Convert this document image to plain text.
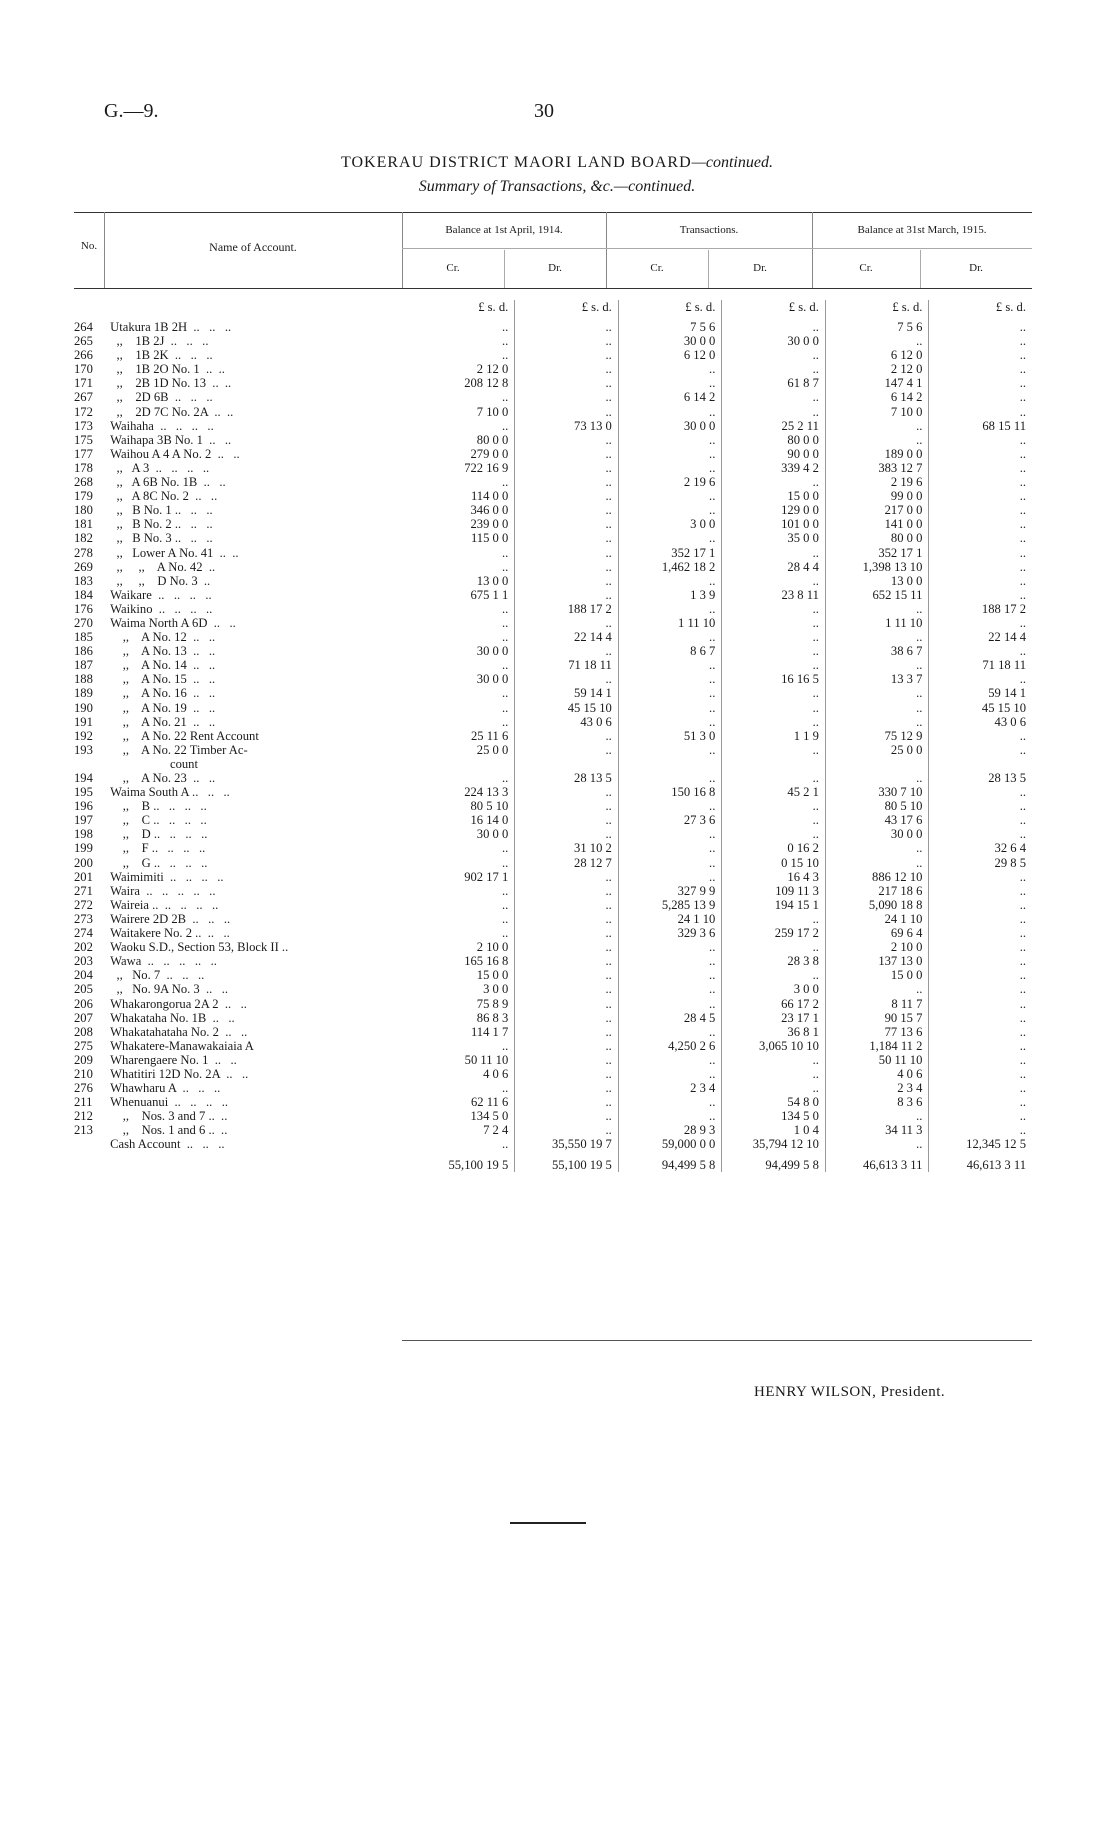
G.—9.	30
TOKERAU DISTRICT MAORI LAND BOARD—continued.
Summary of Transactions, &c.—continued.
No.	Name of Account.
Balance at 1st April, 1914.	Transactions.	Balance at 31st March, 1915.
Cr.	Dr.	Cr.	Dr.	Cr.	Dr.
		£ s. d.	£ s. d.	£ s. d.	£ s. d.	£ s. d.	£ s. d.
264	Utakura 1B 2H  ..   ..   ..	..	..	7 5 6	..	7 5 6	..
265	,,    1B 2J  ..   ..   ..	..	..	30 0 0	30 0 0	..	..
266	,,    1B 2K  ..   ..   ..	..	..	6 12 0	..	6 12 0	..
170	,,    1B 2O No. 1  ..  ..	2 12 0	..	..	..	2 12 0	..
171	,,    2B 1D No. 13  ..  ..	208 12 8	..	..	61 8 7	147 4 1	..
267	,,    2D 6B  ..   ..   ..	..	..	6 14 2	..	6 14 2	..
172	,,    2D 7C No. 2A  ..  ..	7 10 0	..	..	..	7 10 0	..
173	Waihaha  ..   ..   ..   ..	..	73 13 0	30 0 0	25 2 11	..	68 15 11
175	Waihapa 3B No. 1  ..   ..	80 0 0	..	..	80 0 0	..	..
177	Waihou A 4 A No. 2  ..   ..	279 0 0	..	..	90 0 0	189 0 0	..
178	,,   A 3  ..   ..   ..   ..	722 16 9	..	..	339 4 2	383 12 7	..
268	,,   A 6B No. 1B  ..   ..	..	..	2 19 6	..	2 19 6	..
179	,,   A 8C No. 2  ..   ..	114 0 0	..	..	15 0 0	99 0 0	..
180	,,   B No. 1 ..   ..   ..	346 0 0	..	..	129 0 0	217 0 0	..
181	,,   B No. 2 ..   ..   ..	239 0 0	..	3 0 0	101 0 0	141 0 0	..
182	,,   B No. 3 ..   ..   ..	115 0 0	..	..	35 0 0	80 0 0	..
278	,,   Lower A No. 41  ..  ..	..	..	352 17 1	..	352 17 1	..
269	,,     ,,    A No. 42  ..	..	..	1,462 18 2	28 4 4	1,398 13 10	..
183	,,     ,,    D No. 3  ..	13 0 0	..	..	..	13 0 0	..
184	Waikare  ..   ..   ..   ..	675 1 1	..	1 3 9	23 8 11	652 15 11	..
176	Waikino  ..   ..   ..   ..	..	188 17 2	..	..	..	188 17 2
270	Waima North A 6D  ..   ..	..	..	1 11 10	..	1 11 10	..
185	,,    A No. 12  ..   ..	..	22 14 4	..	..	..	22 14 4
186	,,    A No. 13  ..   ..	30 0 0	..	8 6 7	..	38 6 7	..
187	,,    A No. 14  ..   ..	..	71 18 11	..	..	..	71 18 11
188	,,    A No. 15  ..   ..	30 0 0	..	..	16 16 5	13 3 7	..
189	,,    A No. 16  ..   ..	..	59 14 1	..	..	..	59 14 1
190	,,    A No. 19  ..   ..	..	45 15 10	..	..	..	45 15 10
191	,,    A No. 21  ..   ..	..	43 0 6	..	..	..	43 0 6
192	,,    A No. 22 Rent Account	25 11 6	..	51 3 0	1 1 9	75 12 9	..
193	,,    A No. 22 Timber Ac-	25 0 0	..	..	..	25 0 0	..
	count						
194	,,    A No. 23  ..   ..	..	28 13 5	..	..	..	28 13 5
195	Waima South A ..   ..   ..	224 13 3	..	150 16 8	45 2 1	330 7 10	..
196	,,    B ..   ..   ..   ..	80 5 10	..	..	..	80 5 10	..
197	,,    C ..   ..   ..   ..	16 14 0	..	27 3 6	..	43 17 6	..
198	,,    D ..   ..   ..   ..	30 0 0	..	..	..	30 0 0	..
199	,,    F ..   ..   ..   ..	..	31 10 2	..	0 16 2	..	32 6 4
200	,,    G ..   ..   ..   ..	..	28 12 7	..	0 15 10	..	29 8 5
201	Waimimiti  ..   ..   ..   ..	902 17 1	..	..	16 4 3	886 12 10	..
271	Waira  ..   ..   ..   ..   ..	..	..	327 9 9	109 11 3	217 18 6	..
272	Waireia ..  ..   ..   ..   ..	..	..	5,285 13 9	194 15 1	5,090 18 8	..
273	Wairere 2D 2B  ..   ..   ..	..	..	24 1 10	..	24 1 10	..
274	Waitakere No. 2 ..  ..   ..	..	..	329 3 6	259 17 2	69 6 4	..
202	Waoku S.D., Section 53, Block II ..	2 10 0	..	..	..	2 10 0	..
203	Wawa  ..   ..   ..   ..   ..	165 16 8	..	..	28 3 8	137 13 0	..
204	,,   No. 7  ..   ..   ..	15 0 0	..	..	..	15 0 0	..
205	,,   No. 9A No. 3  ..   ..	3 0 0	..	..	3 0 0	..	..
206	Whakarongorua 2A 2  ..   ..	75 8 9	..	..	66 17 2	8 11 7	..
207	Whakataha No. 1B  ..   ..	86 8 3	..	28 4 5	23 17 1	90 15 7	..
208	Whakatahataha No. 2  ..   ..	114 1 7	..	..	36 8 1	77 13 6	..
275	Whakatere-Manawakaiaia A	..	..	4,250 2 6	3,065 10 10	1,184 11 2	..
209	Wharengaere No. 1  ..   ..	50 11 10	..	..	..	50 11 10	..
210	Whatitiri 12D No. 2A  ..   ..	4 0 6	..	..	..	4 0 6	..
276	Whawharu A  ..   ..   ..	..	..	2 3 4	..	2 3 4	..
211	Whenuanui  ..   ..   ..   ..	62 11 6	..	..	54 8 0	8 3 6	..
212	,,    Nos. 3 and 7 ..  ..	134 5 0	..	..	134 5 0	..	..
213	,,    Nos. 1 and 6 ..  ..	7 2 4	..	28 9 3	1 0 4	34 11 3	..
	Cash Account  ..   ..   ..	..	35,550 19 7	59,000 0 0	35,794 12 10	..	12,345 12 5
		55,100 19 5	55,100 19 5	94,499 5 8	94,499 5 8	46,613 3 11	46,613 3 11
HENRY WILSON, President.
